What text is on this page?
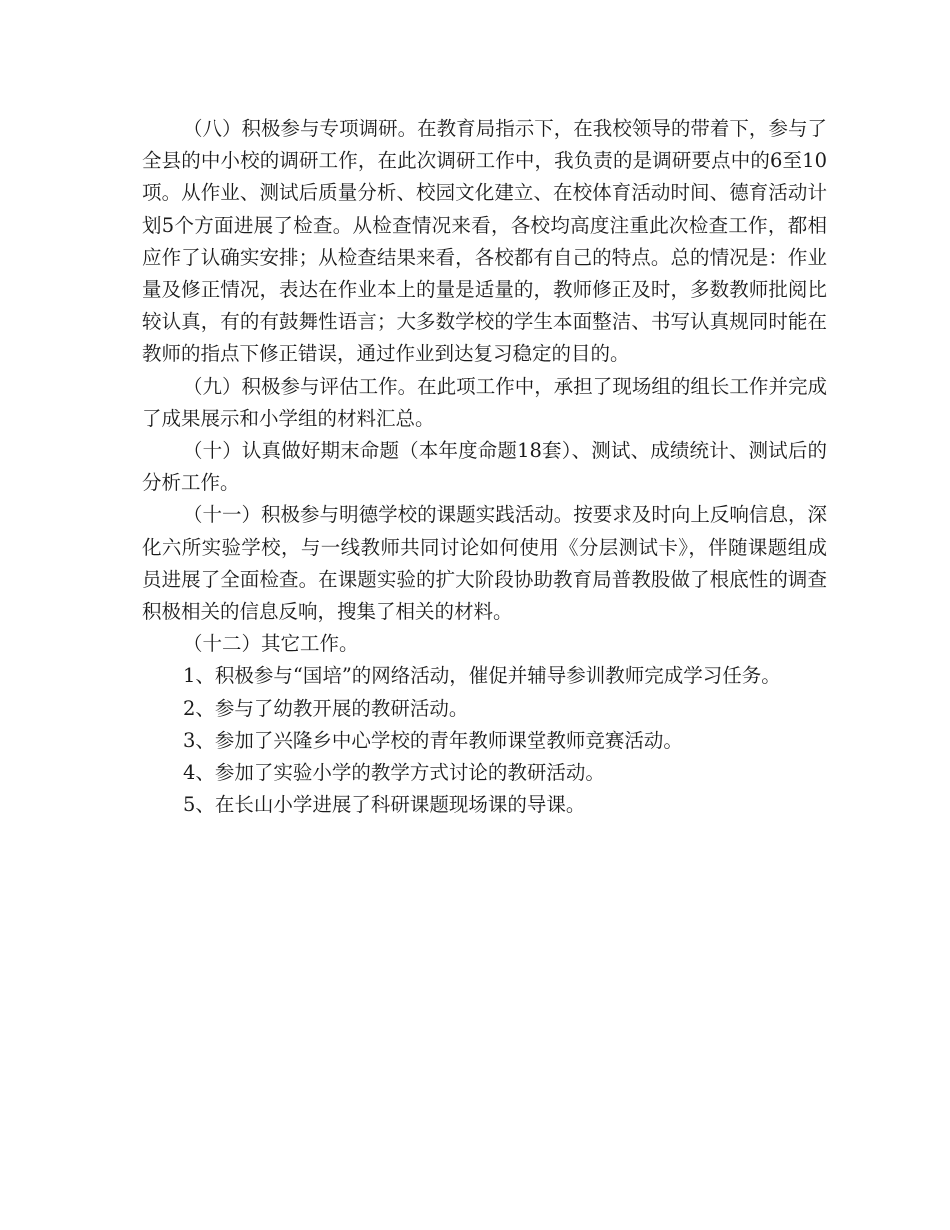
（八）积极参与专项调研。在教育局指示下，在我校领导的带着下，参与了全县的中小校的调研工作，在此次调研工作中，我负责的是调研要点中的6至10项。从作业、测试后质量分析、校园文化建立、在校体育活动时间、德育活动计划5个方面进展了检查。从检查情况来看，各校均高度注重此次检查工作，都相应作了认确实安排；从检查结果来看，各校都有自己的特点。总的情况是：作业量及修正情况，表达在作业本上的量是适量的，教师修正及时，多数教师批阅比较认真，有的有鼓舞性语言；大多数学校的学生本面整洁、书写认真规同时能在教师的指点下修正错误，通过作业到达复习稳定的目的。

（九）积极参与评估工作。在此项工作中，承担了现场组的组长工作并完成了成果展示和小学组的材料汇总。

（十）认真做好期末命题（本年度命题18套）、测试、成绩统计、测试后的分析工作。

（十一）积极参与明德学校的课题实践活动。按要求及时向上反响信息，深化六所实验学校，与一线教师共同讨论如何使用《分层测试卡》，伴随课题组成员进展了全面检查。在课题实验的扩大阶段协助教育局普教股做了根底性的调查积极相关的信息反响，搜集了相关的材料。

（十二）其它工作。

1、积极参与“国培”的网络活动，催促并辅导参训教师完成学习任务。

2、参与了幼教开展的教研活动。

3、参加了兴隆乡中心学校的青年教师课堂教师竞赛活动。

4、参加了实验小学的教学方式讨论的教研活动。

5、在长山小学进展了科研课题现场课的导课。
